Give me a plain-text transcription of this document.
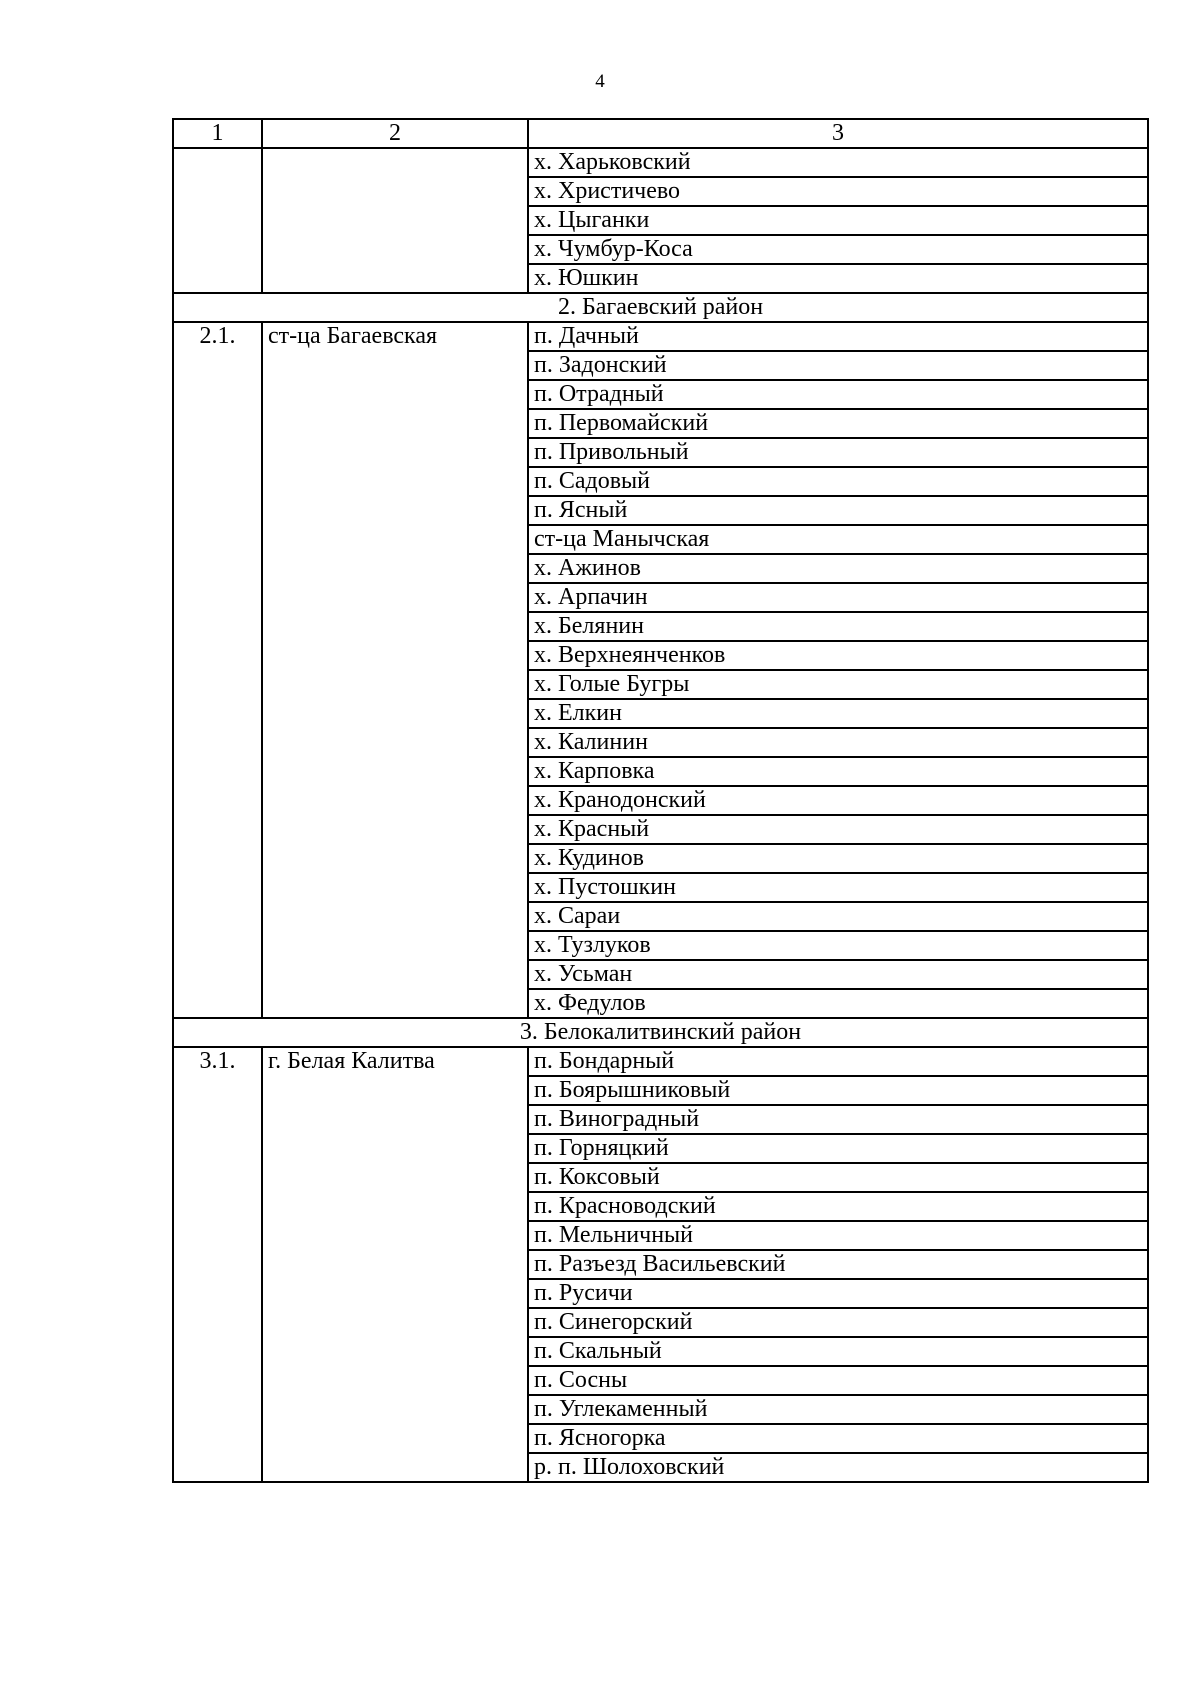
4
1	2	3
		х. Харьковский
		х. Христичево
		х. Цыганки
		х. Чумбур-Коса
		х. Юшкин
2. Багаевский район		
2.1.	ст-ца Багаевская	п. Дачный
		п. Задонский
		п. Отрадный
		п. Первомайский
		п. Привольный
		п. Садовый
		п. Ясный
		ст-ца Манычская
		х. Ажинов
		х. Арпачин
		х. Белянин
		х. Верхнеянченков
		х. Голые Бугры
		х. Елкин
		х. Калинин
		х. Карповка
		х. Кранодонский
		х. Красный
		х. Кудинов
		х. Пустошкин
		х. Сараи
		х. Тузлуков
		х. Усьман
		х. Федулов
3. Белокалитвинский район		
3.1.	г. Белая Калитва	п. Бондарный
		п. Боярышниковый
		п. Виноградный
		п. Горняцкий
		п. Коксовый
		п. Красноводский
		п. Мельничный
		п. Разъезд Васильевский
		п. Русичи
		п. Синегорский
		п. Скальный
		п. Сосны
		п. Углекаменный
		п. Ясногорка
		р. п. Шолоховский
